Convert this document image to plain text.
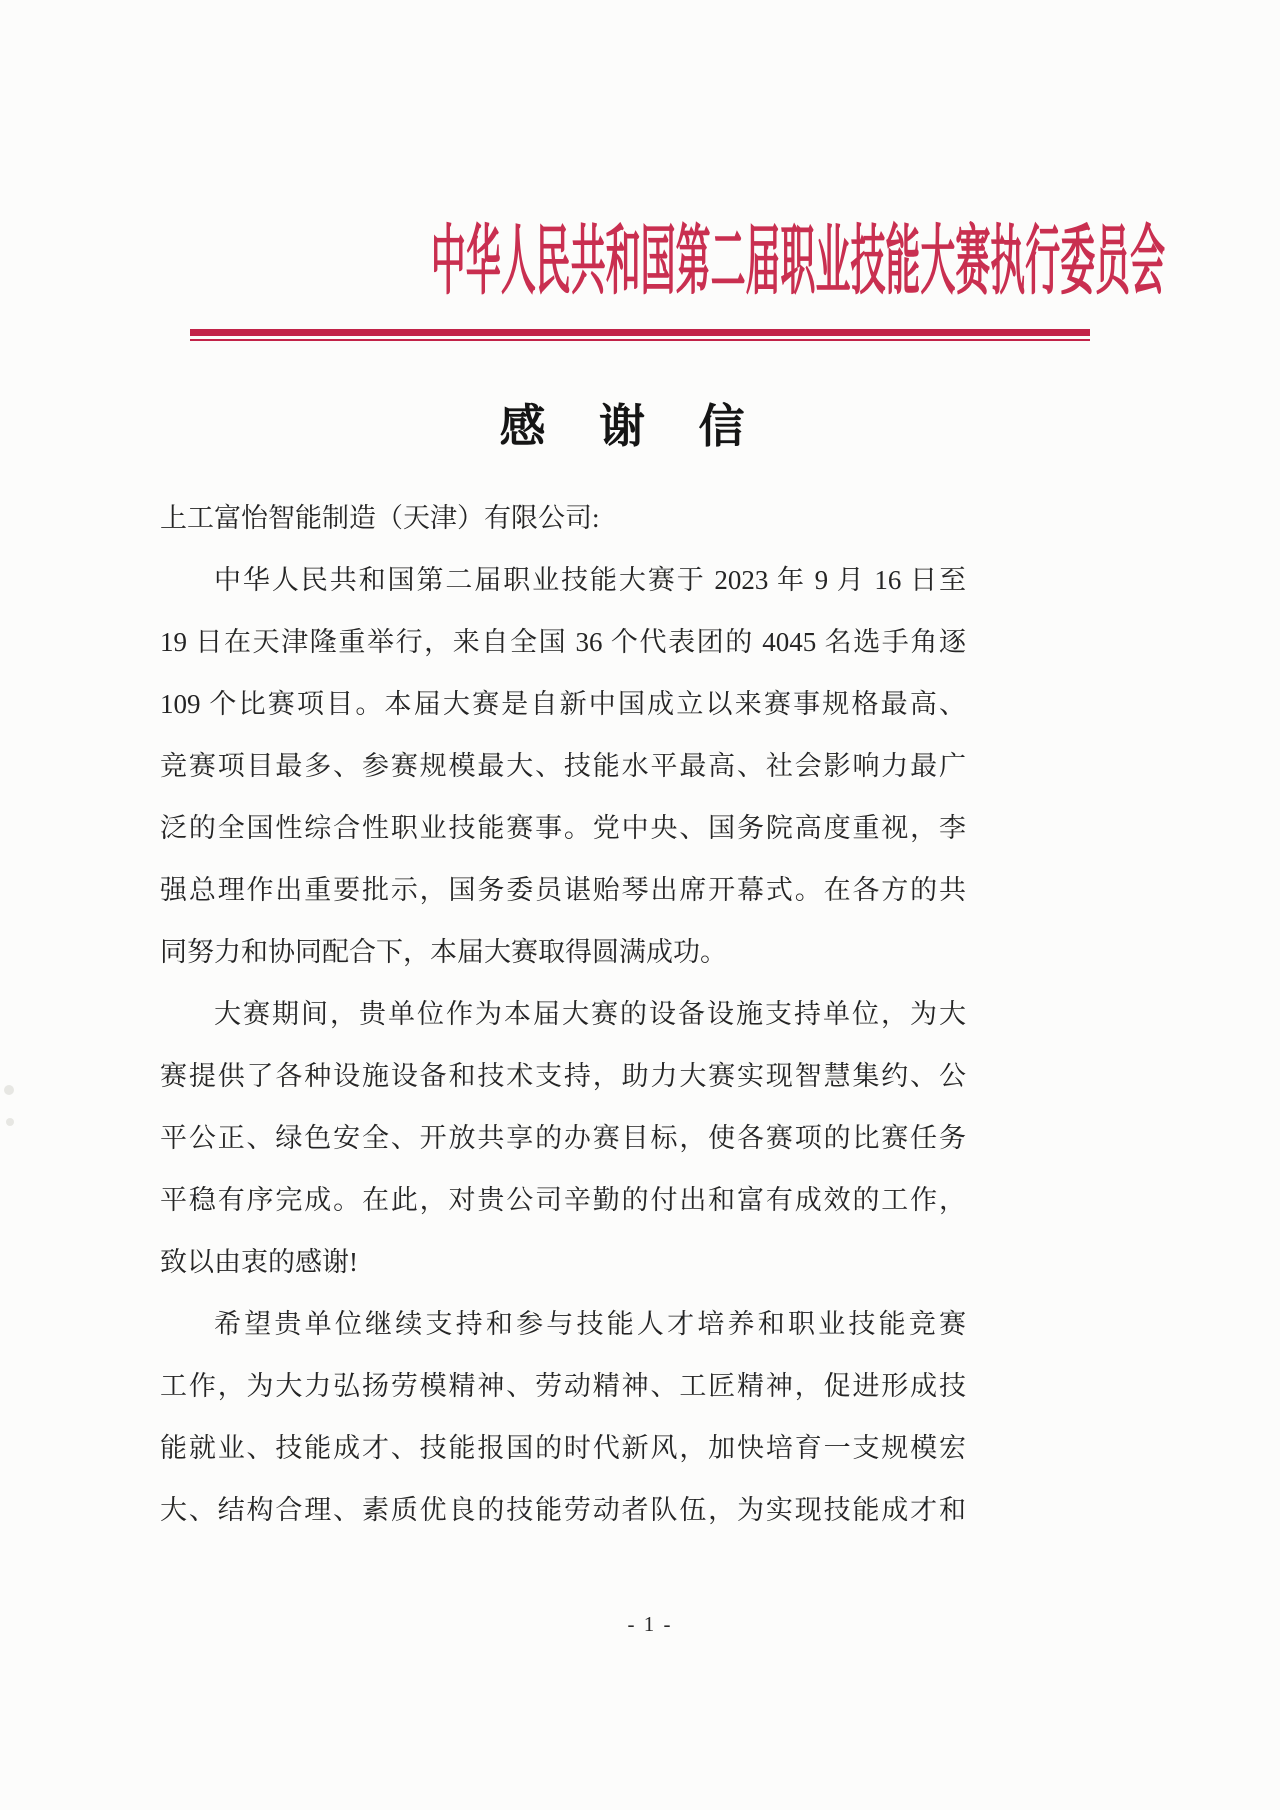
中华人民共和国第二届职业技能大赛执行委员会
感 谢 信
上工富怡智能制造（天津）有限公司:
中华人民共和国第二届职业技能大赛于 2023 年 9 月 16 日至
19 日在天津隆重举行，来自全国 36 个代表团的 4045 名选手角逐
109 个比赛项目。本届大赛是自新中国成立以来赛事规格最高、
竞赛项目最多、参赛规模最大、技能水平最高、社会影响力最广
泛的全国性综合性职业技能赛事。党中央、国务院高度重视，李
强总理作出重要批示，国务委员谌贻琴出席开幕式。在各方的共
同努力和协同配合下，本届大赛取得圆满成功。
大赛期间，贵单位作为本届大赛的设备设施支持单位，为大
赛提供了各种设施设备和技术支持，助力大赛实现智慧集约、公
平公正、绿色安全、开放共享的办赛目标，使各赛项的比赛任务
平稳有序完成。在此，对贵公司辛勤的付出和富有成效的工作，
致以由衷的感谢!
希望贵单位继续支持和参与技能人才培养和职业技能竞赛
工作，为大力弘扬劳模精神、劳动精神、工匠精神，促进形成技
能就业、技能成才、技能报国的时代新风，加快培育一支规模宏
大、结构合理、素质优良的技能劳动者队伍，为实现技能成才和
- 1 -
